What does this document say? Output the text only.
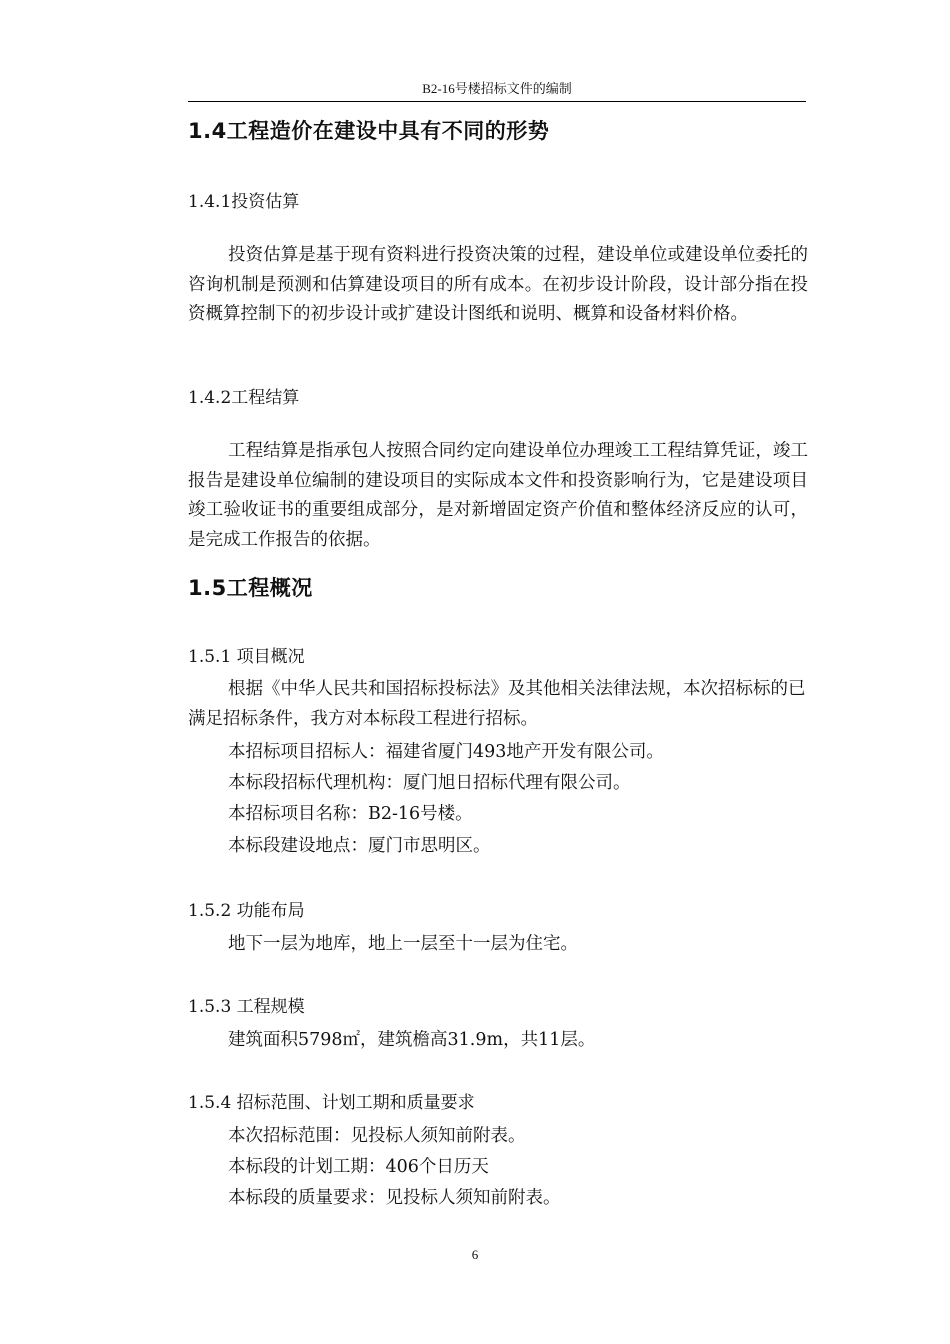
B2-16号楼招标文件的编制
1.4工程造价在建设中具有不同的形势
1.4.1投资估算

投资估算是基于现有资料进行投资决策的过程，建设单位或建设单位委托的咨询机制是预测和估算建设项目的所有成本。在初步设计阶段，设计部分指在投资概算控制下的初步设计或扩建设计图纸和说明、概算和设备材料价格。

1.4.2工程结算

工程结算是指承包人按照合同约定向建设单位办理竣工工程结算凭证，竣工报告是建设单位编制的建设项目的实际成本文件和投资影响行为，它是建设项目竣工验收证书的重要组成部分，是对新增固定资产价值和整体经济反应的认可，是完成工作报告的依据。

1.5工程概况
1.5.1 项目概况

根据《中华人民共和国招标投标法》及其他相关法律法规，本次招标标的已满足招标条件，我方对本标段工程进行招标。

本招标项目招标人：福建省厦门493地产开发有限公司。
本标段招标代理机构：厦门旭日招标代理有限公司。
本招标项目名称：B2-16号楼。
本标段建设地点：厦门市思明区。
1.5.2 功能布局
地下一层为地库，地上一层至十一层为住宅。
1.5.3 工程规模
建筑面积5798㎡，建筑檐高31.9m，共11层。
1.5.4 招标范围、计划工期和质量要求
本次招标范围：见投标人须知前附表。
本标段的计划工期：406个日历天
本标段的质量要求：见投标人须知前附表。
6
